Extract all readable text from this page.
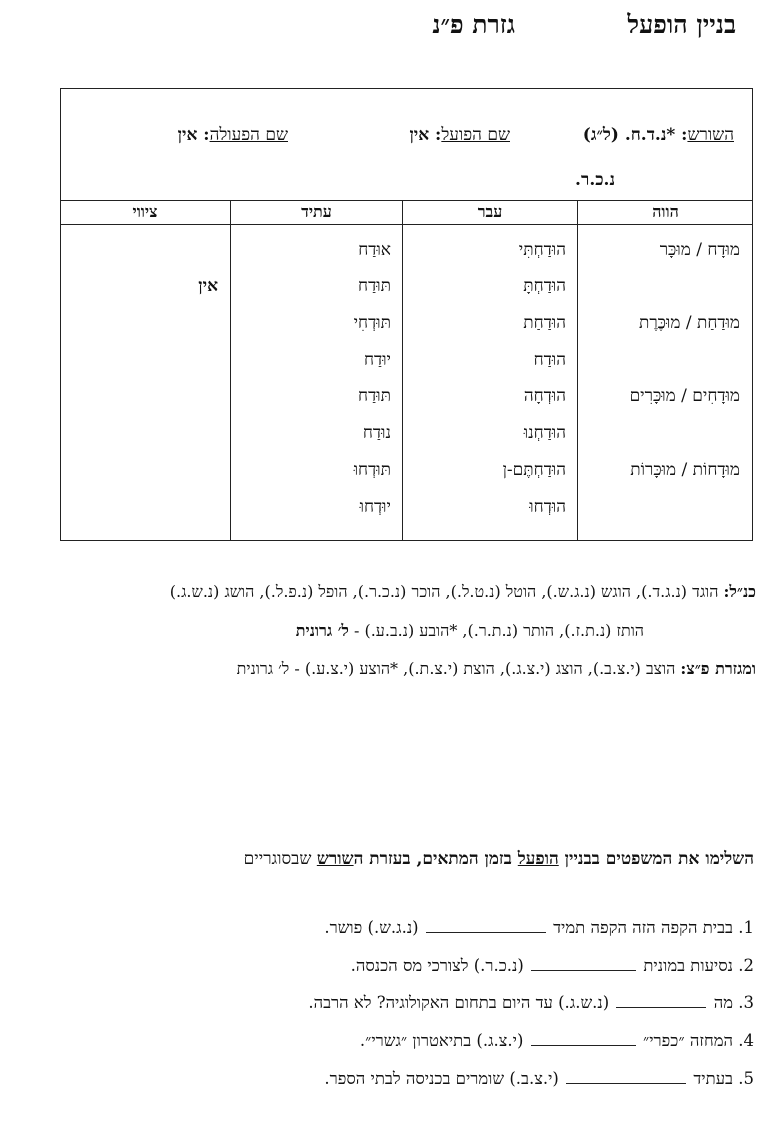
בניין הופעל
גזרת פ״נ
השורש: *נ.ד.ח. (ל״ג)
נ.כ.ר.
שם הפועל: אין
שם הפעולה: אין
הווה
עבר
עתיד
ציווי
מוּדָח / מוּכָּר
מוּדַחַת / מוּכֶּרֶת
מוּדָחִים / מוּכָּרִים
מוּדָחוֹת / מוּכָּרוֹת
הוּדַחְתִּי
הוּדַחְתָּ
הוּדַחַת
הוּדַח
הוּדְחָה
הוּדַחְנוּ
הוּדַחְתֶּם-ן
הוּדְחוּ
אוּדַח
תּוּדַח
תּוּדְחִי
יוּדַח
תּוּדַח
נוּדַח
תּוּדְחוּ
יוּדְחוּ
אין
כנ״ל: הוגד (נ.ג.ד.), הוגש (נ.ג.ש.), הוטל (נ.ט.ל.), הוכר (נ.כ.ר.), הופל (נ.פ.ל.), הושג (נ.ש.ג.)
הותז (נ.ת.ז.), הותר (נ.ת.ר.), *הובע (נ.ב.ע.) - ל׳ גרונית
ומגזרת פ״צ: הוצב (י.צ.ב.), הוצג (י.צ.ג.), הוצת (י.צ.ת.), *הוצע (י.צ.ע.) - ל׳ גרונית
השלימו את המשפטים בבניין הופעל בזמן המתאים, בעזרת השורש שבסוגריים
1. בבית הקפה הזה הקפה תמיד  (נ.ג.ש.) פושר.
2. נסיעות במונית  (נ.כ.ר.) לצורכי מס הכנסה.
3. מה  (נ.ש.ג.) עד היום בתחום האקולוגיה? לא הרבה.
4. המחזה ״כפרי״  (י.צ.ג.) בתיאטרון ״גשרי״.
5. בעתיד  (י.צ.ב.) שומרים בכניסה לבתי הספר.
